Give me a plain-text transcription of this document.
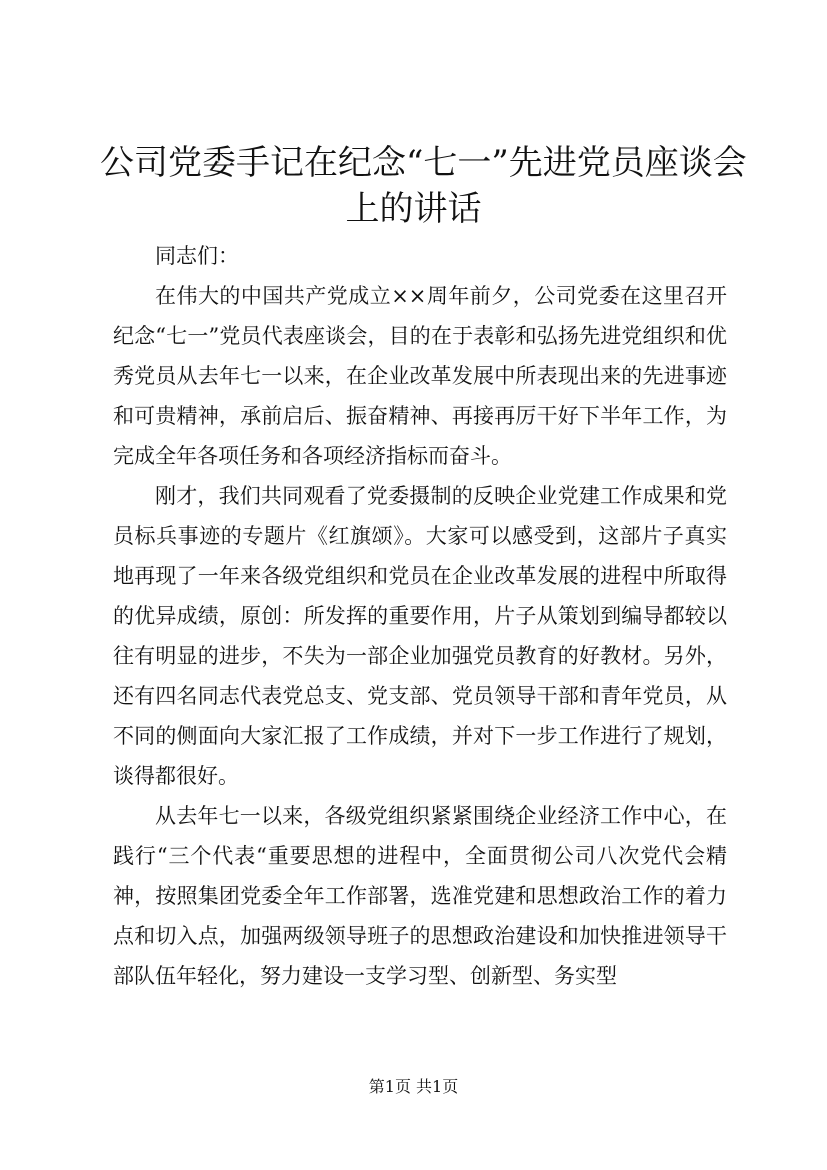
公司党委手记在纪念“七一”先进党员座谈会
上的讲话

同志们：

在伟大的中国共产党成立××周年前夕，公司党委在这里召开纪念“七一”党员代表座谈会，目的在于表彰和弘扬先进党组织和优秀党员从去年七一以来，在企业改革发展中所表现出来的先进事迹和可贵精神，承前启后、振奋精神、再接再厉干好下半年工作，为完成全年各项任务和各项经济指标而奋斗。

刚才，我们共同观看了党委摄制的反映企业党建工作成果和党员标兵事迹的专题片《红旗颂》。大家可以感受到，这部片子真实地再现了一年来各级党组织和党员在企业改革发展的进程中所取得的优异成绩，原创：所发挥的重要作用，片子从策划到编导都较以往有明显的进步，不失为一部企业加强党员教育的好教材。另外，还有四名同志代表党总支、党支部、党员领导干部和青年党员，从不同的侧面向大家汇报了工作成绩，并对下一步工作进行了规划，谈得都很好。

从去年七一以来，各级党组织紧紧围绕企业经济工作中心，在践行“三个代表“重要思想的进程中，全面贯彻公司八次党代会精神，按照集团党委全年工作部署，选准党建和思想政治工作的着力点和切入点，加强两级领导班子的思想政治建设和加快推进领导干部队伍年轻化，努力建设一支学习型、创新型、务实型

第1页 共1页
